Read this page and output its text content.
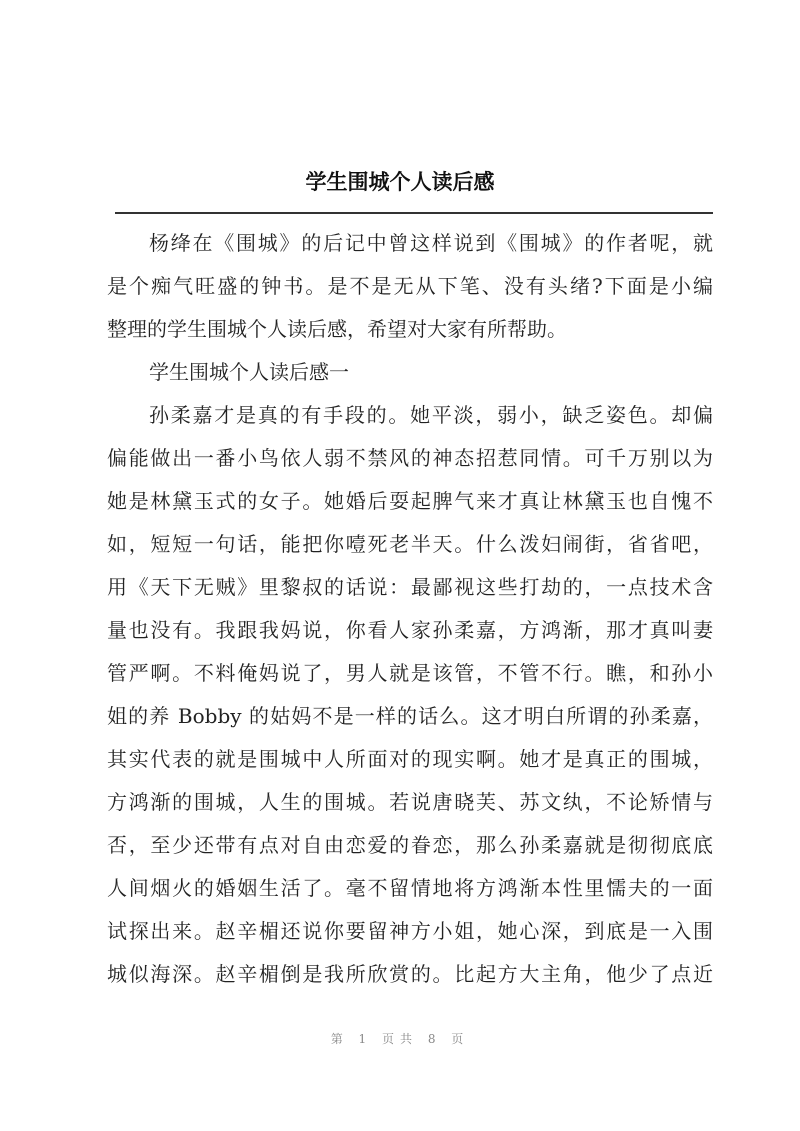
学生围城个人读后感
杨绛在《围城》的后记中曾这样说到《围城》的作者呢，就
是个痴气旺盛的钟书。是不是无从下笔、没有头绪?下面是小编
整理的学生围城个人读后感，希望对大家有所帮助。
学生围城个人读后感一
孙柔嘉才是真的有手段的。她平淡，弱小，缺乏姿色。却偏
偏能做出一番小鸟依人弱不禁风的神态招惹同情。可千万别以为
她是林黛玉式的女子。她婚后耍起脾气来才真让林黛玉也自愧不
如，短短一句话，能把你噎死老半天。什么泼妇闹街，省省吧，
用《天下无贼》里黎叔的话说：最鄙视这些打劫的，一点技术含
量也没有。我跟我妈说，你看人家孙柔嘉，方鸿渐，那才真叫妻
管严啊。不料俺妈说了，男人就是该管，不管不行。瞧，和孙小
姐的养 Bobby 的姑妈不是一样的话么。这才明白所谓的孙柔嘉，
其实代表的就是围城中人所面对的现实啊。她才是真正的围城，
方鸿渐的围城，人生的围城。若说唐晓芙、苏文纨，不论矫情与
否，至少还带有点对自由恋爱的眷恋，那么孙柔嘉就是彻彻底底
人间烟火的婚姻生活了。毫不留情地将方鸿渐本性里懦夫的一面
试探出来。赵辛楣还说你要留神方小姐，她心深，到底是一入围
城似海深。赵辛楣倒是我所欣赏的。比起方大主角，他少了点近
第 1 页共 8 页
